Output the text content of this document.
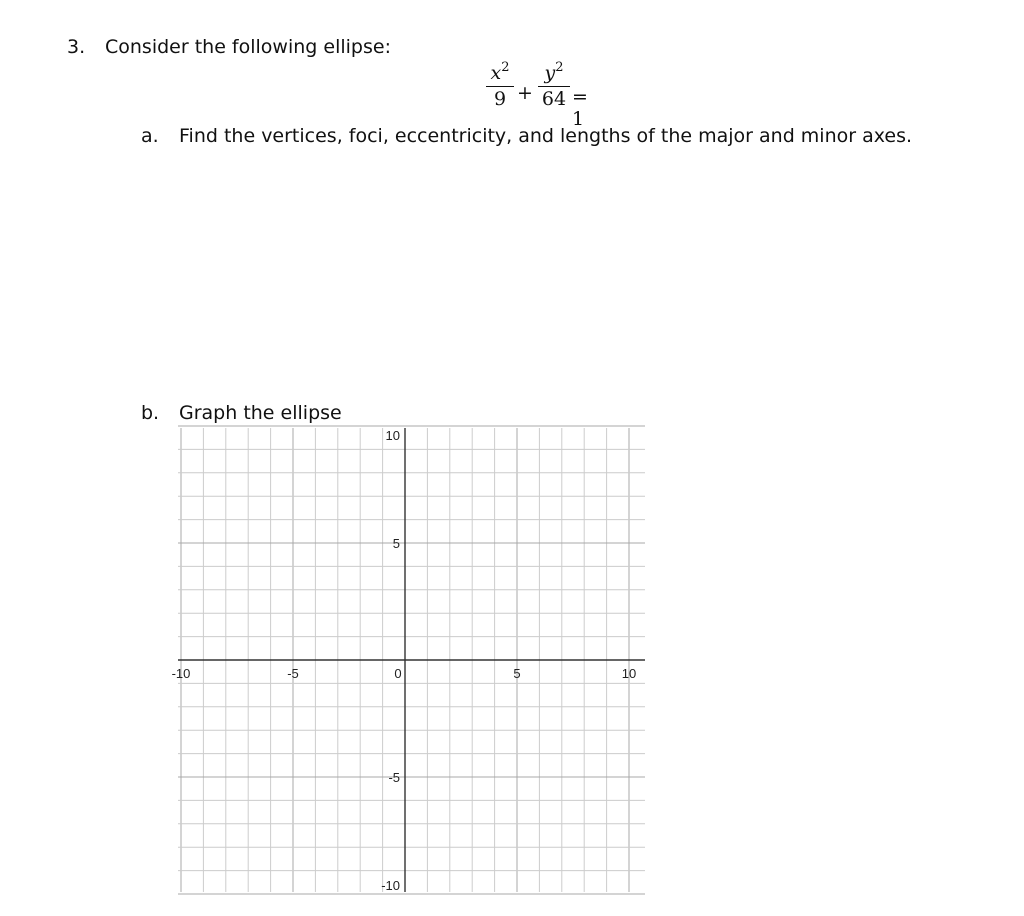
3. Consider the following ellipse:
$x^2$
9 +
$y^2$
64 = 1
a. Find the vertices, foci, eccentricity, and lengths of the major and minor axes.
b. Graph the ellipse
-10	-5	0	5	10
10
5
-5
-10
